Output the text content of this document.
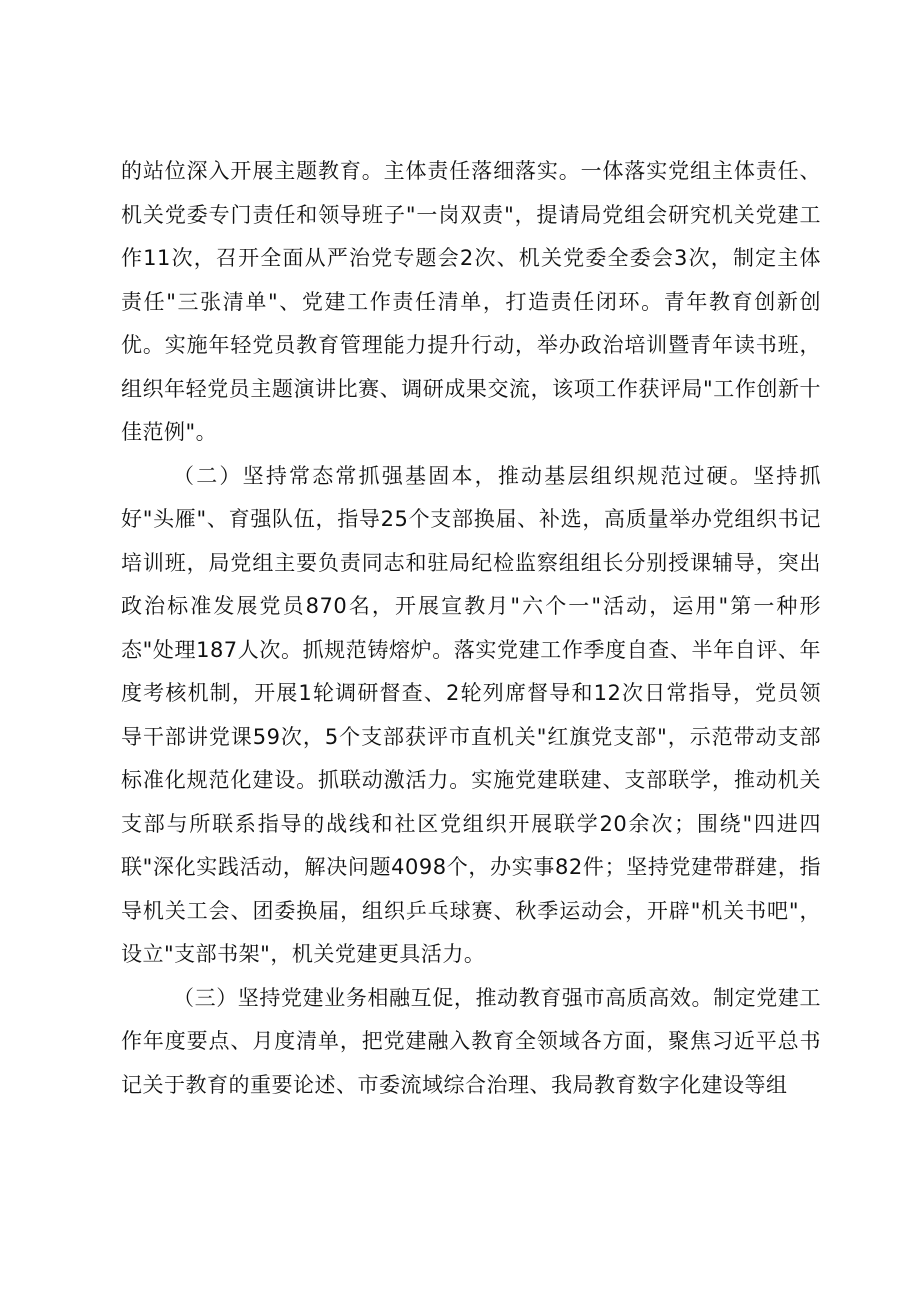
的站位深入开展主题教育。主体责任落细落实。一体落实党组主体责任、机关党委专门责任和领导班子"一岗双责"，提请局党组会研究机关党建工作11次，召开全面从严治党专题会2次、机关党委全委会3次，制定主体责任"三张清单"、党建工作责任清单，打造责任闭环。青年教育创新创优。实施年轻党员教育管理能力提升行动，举办政治培训暨青年读书班，组织年轻党员主题演讲比赛、调研成果交流，该项工作获评局"工作创新十佳范例"。

（二）坚持常态常抓强基固本，推动基层组织规范过硬。坚持抓好"头雁"、育强队伍，指导25个支部换届、补选，高质量举办党组织书记培训班，局党组主要负责同志和驻局纪检监察组组长分别授课辅导，突出政治标准发展党员870名，开展宣教月"六个一"活动，运用"第一种形态"处理187人次。抓规范铸熔炉。落实党建工作季度自查、半年自评、年度考核机制，开展1轮调研督查、2轮列席督导和12次日常指导，党员领导干部讲党课59次，5个支部获评市直机关"红旗党支部"，示范带动支部标准化规范化建设。抓联动激活力。实施党建联建、支部联学，推动机关支部与所联系指导的战线和社区党组织开展联学20余次；围绕"四进四联"深化实践活动，解决问题4098个，办实事82件；坚持党建带群建，指导机关工会、团委换届，组织乒乓球赛、秋季运动会，开辟"机关书吧"，设立"支部书架"，机关党建更具活力。

（三）坚持党建业务相融互促，推动教育强市高质高效。制定党建工作年度要点、月度清单，把党建融入教育全领域各方面，聚焦习近平总书记关于教育的重要论述、市委流域综合治理、我局教育数字化建设等组
